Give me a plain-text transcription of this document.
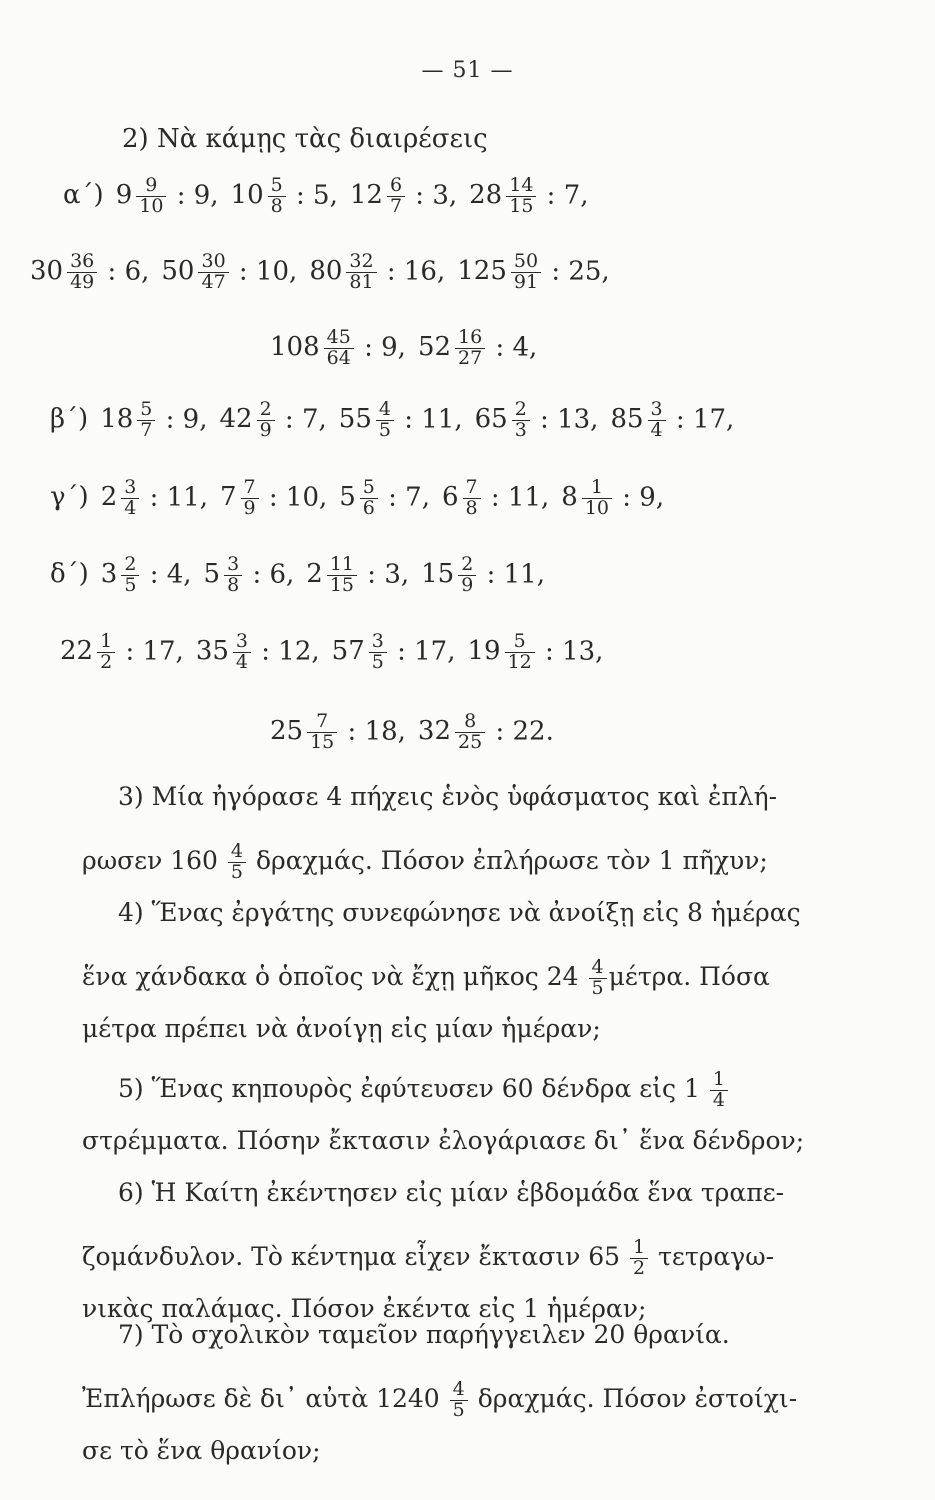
— 51 —
2) Νὰ κάμῃς τὰς διαιρέσεις
α΄) $9 \frac{9}{10}$ : 9, $10 \frac{5}{8}$ : 5, $12 \frac{6}{7}$ : 3, $28 \frac{14}{15}$ : 7,
$30 \frac{36}{49}$ : 6, $50 \frac{30}{47}$ : 10, $80 \frac{32}{81}$ : 16, $125 \frac{50}{91}$ : 25,
$108 \frac{45}{64}$ : 9, $52 \frac{16}{27}$ : 4,
β΄) $18 \frac{5}{7}$ : 9, $42 \frac{2}{9}$ : 7, $55 \frac{4}{5}$ : 11, $65 \frac{2}{3}$ : 13, $85 \frac{3}{4}$ : 17,
γ΄) $2 \frac{3}{4}$ : 11, $7 \frac{7}{9}$ : 10, $5 \frac{5}{6}$ : 7, $6 \frac{7}{8}$ : 11, $8 \frac{1}{10}$ : 9,
δ΄) $3 \frac{2}{5}$ : 4, $5 \frac{3}{8}$ : 6, $2 \frac{11}{15}$ : 3, $15 \frac{2}{9}$ : 11,
$22 \frac{1}{2}$ : 17, $35 \frac{3}{4}$ : 12, $57 \frac{3}{5}$ : 17, $19 \frac{5}{12}$ : 13,
$25 \frac{7}{15}$ : 18, $32 \frac{8}{25}$ : 22.
3) Μία ἠγόρασε 4 πήχεις ἑνὸς ὑφάσματος καὶ ἐπλή-
ρωσεν $160 \frac{4}{5} \delta\rho\alpha\chi\mu ά\varsigma$. Πόσον ἐπλήρωσε τὸν 1 πῆχυν;
4) Ἕνας ἐργάτης συνεφώνησε νὰ ἀνοίξῃ εἰς 8 ἡμέρας
ἕνα χάνδακα ὁ ὁποῖος νὰ ἔχῃ μῆκος $24 \frac{4}{5} \mu έ\tau\rho\alpha$. Πόσα
μέτρα πρέπει νὰ ἀνοίγῃ εἰς μίαν ἡμέραν;
5) Ἕνας κηπουρὸς ἐφύτευσεν 60 δένδρα εἰς $1 \frac{1}{4}$
στρέμματα. Πόσην ἔκτασιν ἐλογάριασε δι᾿ ἕνα δένδρον;
6) Ἡ Καίτη ἐκέντησεν εἰς μίαν ἑβδομάδα ἕνα τραπε-
ζομάνδυλον. Τὸ κέντημα εἶχεν ἔκτασιν $65 \frac{1}{2} \tau\varepsilon\tau\rho\alpha\gamma\omega-$
νικὰς παλάμας. Πόσον ἐκέντα εἰς 1 ἡμέραν;
7) Τὸ σχολικὸν ταμεῖον παρήγγειλεν 20 θρανία.
Ἐπλήρωσε δὲ δι᾿ αὐτὰ $1240 \frac{4}{5} \delta\rho\alpha\chi\mu ά\varsigma$. Πόσον ἐστοίχι-
σε τὸ ἕνα θρανίον;
